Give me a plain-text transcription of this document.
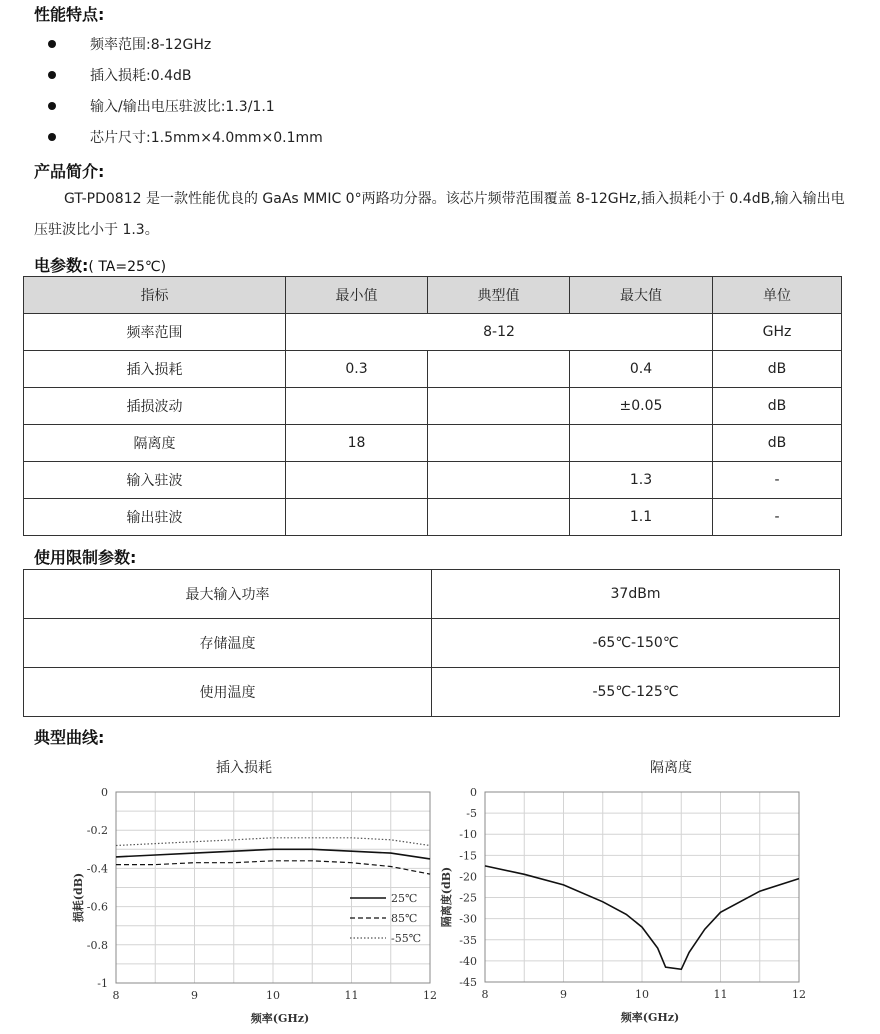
性能特点:
频率范围:8-12GHz
插入损耗:0.4dB
输入/输出电压驻波比:1.3/1.1
芯片尺寸:1.5mm×4.0mm×0.1mm
产品简介:
GT-PD0812 是一款性能优良的 GaAs MMIC 0°两路功分器。该芯片频带范围覆盖 8-12GHz,插入损耗小于 0.4dB,输入输出电压驻波比小于 1.3。
电参数:( TA=25℃)
指标	最小值	典型值	最大值	单位
频率范围	8-12			GHz
插入损耗	0.3		0.4	dB
插损波动			±0.05	dB
隔离度	18			dB
输入驻波			1.3	-
输出驻波			1.1	-
使用限制参数:
最大输入功率	37dBm
存储温度	-65℃-150℃
使用温度	-55℃-125℃
典型曲线:
插入损耗	隔离度
8	9	10	11	12
0
-0.2
-0.4
-0.6
-0.8
-1
频率(GHz)
损耗(dB)	25℃
85℃
-55℃
8	9	10	11	12
0
-5
-10
-15
-20
-25
-30
-35
-40
-45
频率(GHz)
隔离度(dB)
